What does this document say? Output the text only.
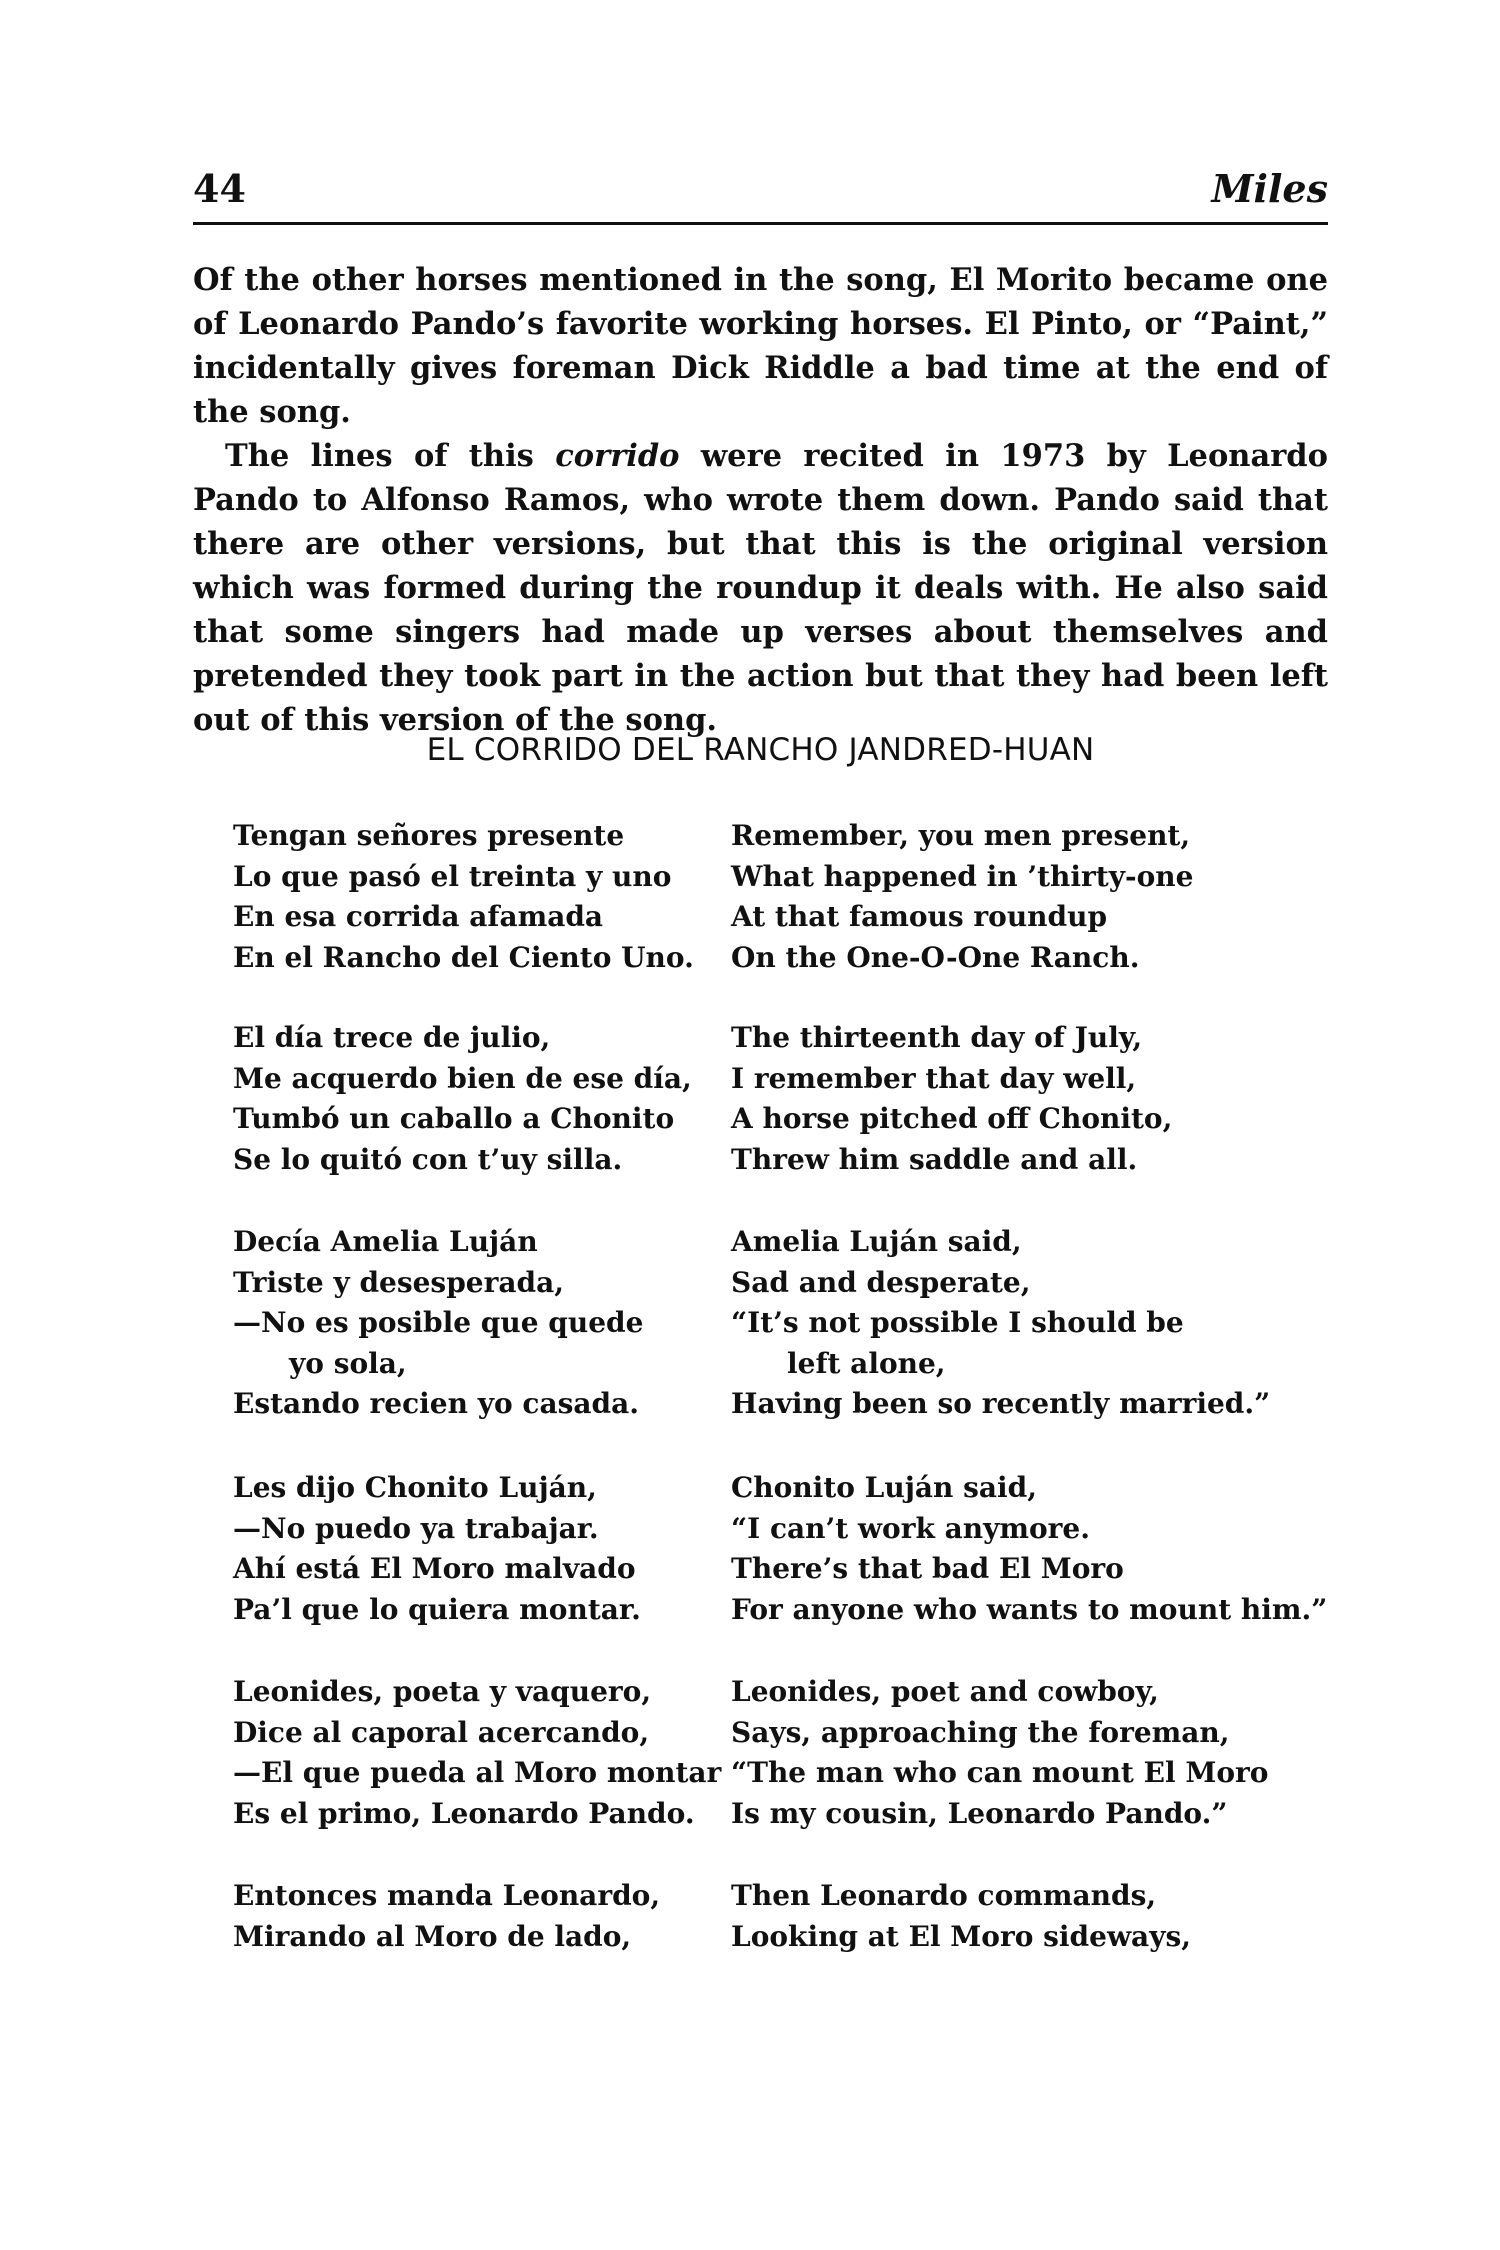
44	Miles

Of the other horses mentioned in the song, El Morito became one of Leonardo Pando’s favorite working horses. El Pinto, or “Paint,” incidentally gives foreman Dick Riddle a bad time at the end of the song.

The lines of this corrido were recited in 1973 by Leonardo Pando to Alfonso Ramos, who wrote them down. Pando said that there are other versions, but that this is the original version which was formed during the roundup it deals with. He also said that some singers had made up verses about themselves and pretended they took part in the action but that they had been left out of this version of the song.

EL CORRIDO DEL RANCHO JANDRED-HUAN
Tengan señores presente
Lo que pasó el treinta y uno
En esa corrida afamada
En el Rancho del Ciento Uno.
Remember, you men present,
What happened in ’thirty-one
At that famous roundup
On the One-O-One Ranch.
El día trece de julio,
Me acquerdo bien de ese día,
Tumbó un caballo a Chonito
Se lo quitó con t’uy silla.
The thirteenth day of July,
I remember that day well,
A horse pitched off Chonito,
Threw him saddle and all.
Decía Amelia Luján
Triste y desesperada,
—No es posible que quede
yo sola,
Estando recien yo casada.
Amelia Luján said,
Sad and desperate,
“It’s not possible I should be
left alone,
Having been so recently married.”
Les dijo Chonito Luján,
—No puedo ya trabajar.
Ahí está El Moro malvado
Pa’l que lo quiera montar.
Chonito Luján said,
“I can’t work anymore.
There’s that bad El Moro
For anyone who wants to mount him.”
Leonides, poeta y vaquero,
Dice al caporal acercando,
—El que pueda al Moro montar
Es el primo, Leonardo Pando.
Leonides, poet and cowboy,
Says, approaching the foreman,
“The man who can mount El Moro
Is my cousin, Leonardo Pando.”
Entonces manda Leonardo,
Mirando al Moro de lado,
Then Leonardo commands,
Looking at El Moro sideways,
